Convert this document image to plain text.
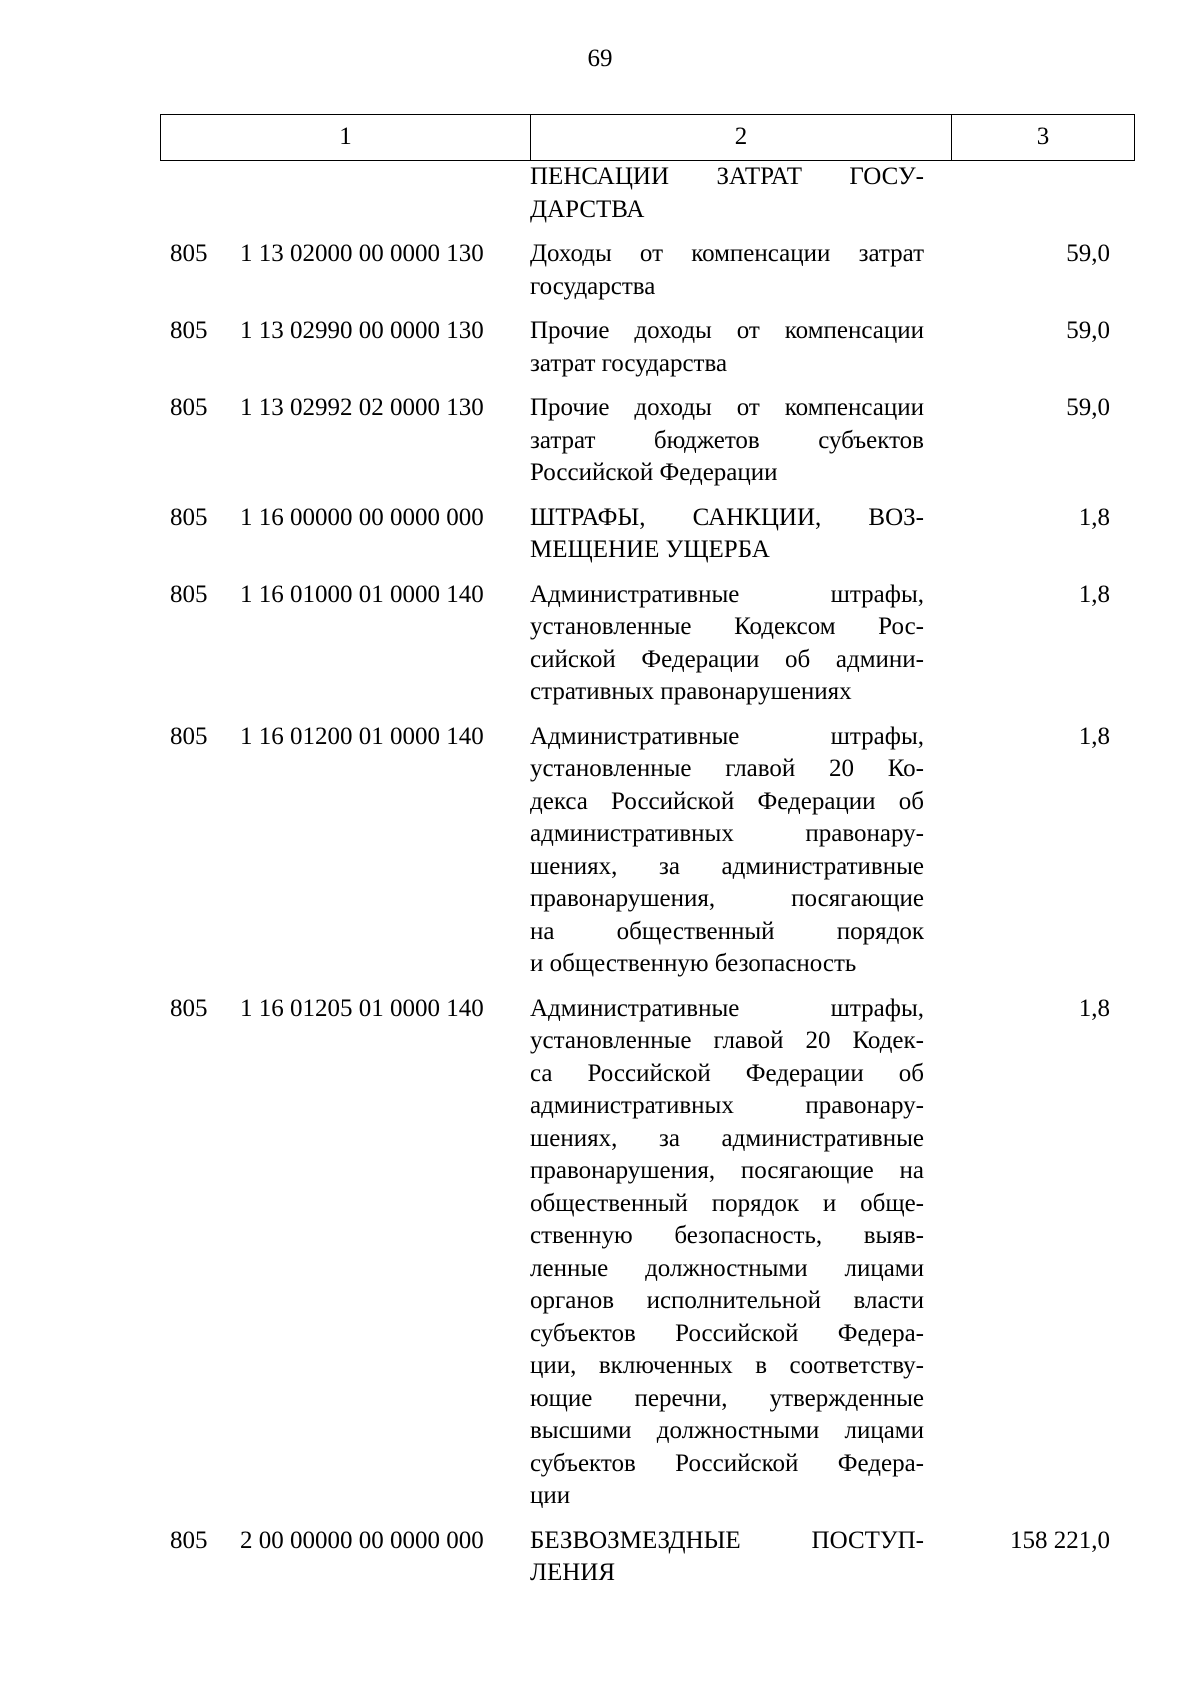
69
1	2	3
ПЕНСАЦИИ ЗАТРАТ ГОСУ-
ДАРСТВА
805	1 13 02000 00 0000 130	Доходы от компенсации затрат
государства
59,0
805	1 13 02990 00 0000 130	Прочие доходы от компенсации
затрат государства
59,0
805	1 13 02992 02 0000 130	Прочие доходы от компенсации
затрат бюджетов субъектов
Российской Федерации
59,0
805	1 16 00000 00 0000 000	ШТРАФЫ, САНКЦИИ, ВОЗ-
МЕЩЕНИЕ УЩЕРБА
1,8
805	1 16 01000 01 0000 140	Административные штрафы,
установленные Кодексом Рос-
сийской Федерации об админи-
стративных правонарушениях
1,8
805	1 16 01200 01 0000 140	Административные штрафы,
установленные главой 20 Ко-
декса Российской Федерации об
административных правонару-
шениях, за административные
правонарушения, посягающие
на общественный порядок
и общественную безопасность
1,8
805	1 16 01205 01 0000 140	Административные штрафы,
установленные главой 20 Кодек-
са Российской Федерации об
административных правонару-
шениях, за административные
правонарушения, посягающие на
общественный порядок и обще-
ственную безопасность, выяв-
ленные должностными лицами
органов исполнительной власти
субъектов Российской Федера-
ции, включенных в соответству-
ющие перечни, утвержденные
высшими должностными лицами
субъектов Российской Федера-
ции
1,8
805	2 00 00000 00 0000 000	БЕЗВОЗМЕЗДНЫЕ ПОСТУП-
ЛЕНИЯ
158 221,0
